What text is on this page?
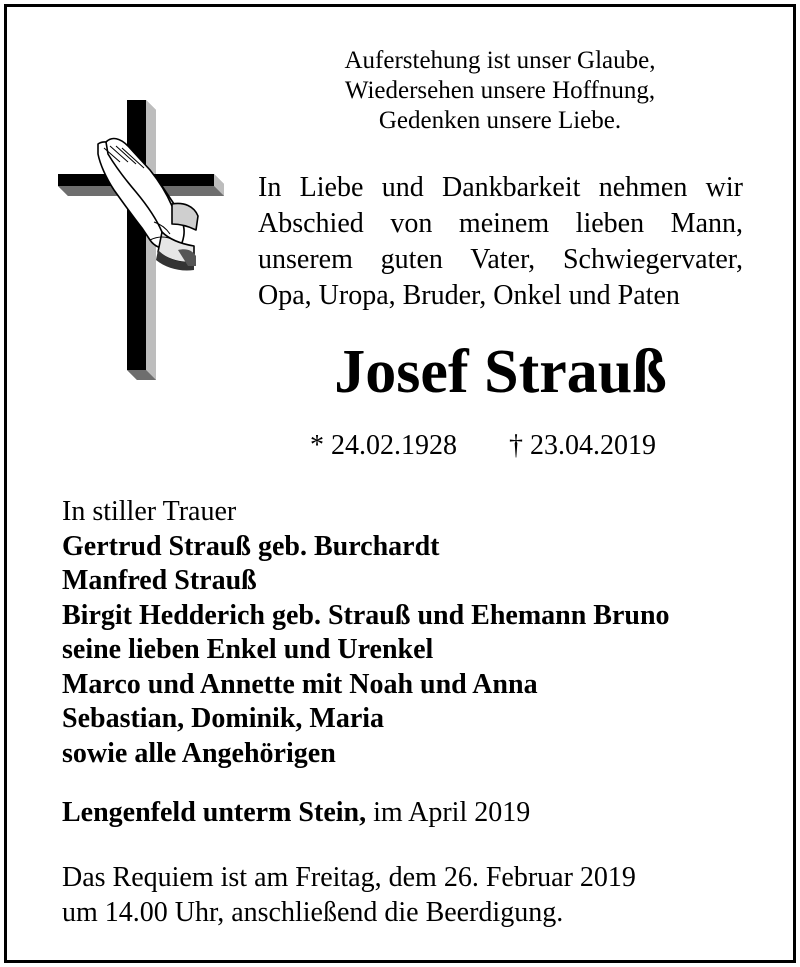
Auferstehung ist unser Glaube,
Wiedersehen unsere Hoffnung,
Gedenken unsere Liebe.
In Liebe und Dankbarkeit nehmen wir
Abschied von meinem lieben Mann,
unserem guten Vater, Schwiegervater,
Opa, Uropa, Bruder, Onkel und Paten
Josef Strauß
* 24.02.1928 † 23.04.2019
In stiller Trauer
Gertrud Strauß geb. Burchardt
Manfred Strauß
Birgit Hedderich geb. Strauß und Ehemann Bruno
seine lieben Enkel und Urenkel
Marco und Annette mit Noah und Anna
Sebastian, Dominik, Maria
sowie alle Angehörigen
Lengenfeld unterm Stein, im April 2019
Das Requiem ist am Freitag, dem 26. Februar 2019
um 14.00 Uhr, anschließend die Beerdigung.
